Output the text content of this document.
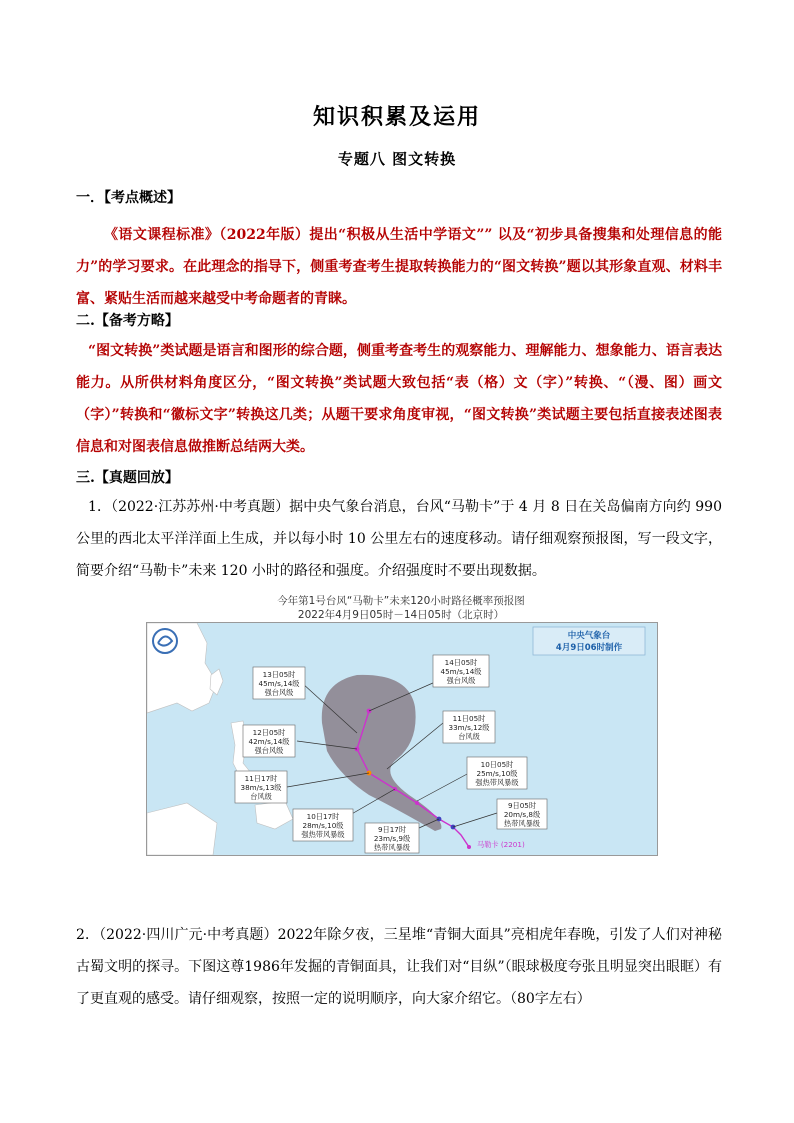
知识积累及运用
专题八 图文转换
一．【考点概述】
《语文课程标准》（2022年版）提出“积极从生活中学语文”” 以及“初步具备搜集和处理信息的能力”的学习要求。在此理念的指导下，侧重考查考生提取转换能力的“图文转换”题以其形象直观、材料丰富、紧贴生活而越来越受中考命题者的青睐。
二.【备考方略】
“图文转换”类试题是语言和图形的综合题，侧重考查考生的观察能力、理解能力、想象能力、语言表达能力。从所供材料角度区分，“图文转换”类试题大致包括“表（格）文（字）”转换、“（漫、图）画文（字）”转换和“徽标文字”转换这几类；从题干要求角度审视，“图文转换”类试题主要包括直接表述图表信息和对图表信息做推断总结两大类。
三.【真题回放】
1．（2022·江苏苏州·中考真题）据中央气象台消息，台风“马勒卡”于 4 月 8 日在关岛偏南方向约 990 公里的西北太平洋洋面上生成，并以每小时 10 公里左右的速度移动。请仔细观察预报图，写一段文字，简要介绍“马勒卡”未来 120 小时的路径和强度。介绍强度时不要出现数据。
今年第1号台风“马勒卡”未来120小时路径概率预报图
2022年4月9日05时－14日05时（北京时）
14日05时
45m/s,14级
强台风级
13日05时
45m/s,14级
强台风级
12日05时
42m/s,14级
强台风级
11日05时
33m/s,12级
台风级
11日17时
38m/s,13级
台风级
10日05时
25m/s,10级
强热带风暴级
10日17时
28m/s,10级
强热带风暴级
9日05时
20m/s,8级
热带风暴级
9日17时
23m/s,9级
热带风暴级	马勒卡 (2201)
中央气象台
4月9日06时制作
2．（2022·四川广元·中考真题）2022年除夕夜，三星堆“青铜大面具”亮相虎年春晚，引发了人们对神秘古蜀文明的探寻。下图这尊1986年发掘的青铜面具，让我们对“目纵”（眼球极度夸张且明显突出眼眶）有了更直观的感受。请仔细观察，按照一定的说明顺序，向大家介绍它。（80字左右）
